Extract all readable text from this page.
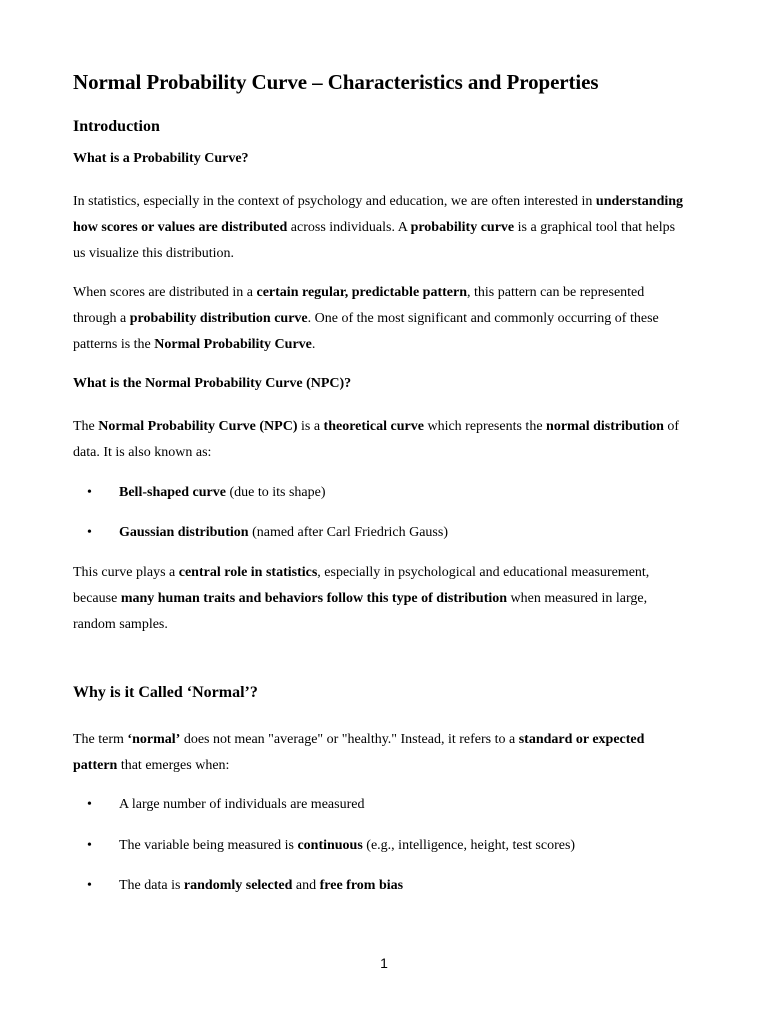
Normal Probability Curve – Characteristics and Properties
Introduction
What is a Probability Curve?

In statistics, especially in the context of psychology and education, we are often interested in understanding how scores or values are distributed across individuals. A probability curve is a graphical tool that helps us visualize this distribution.

When scores are distributed in a certain regular, predictable pattern, this pattern can be represented through a probability distribution curve. One of the most significant and commonly occurring of these patterns is the Normal Probability Curve.

What is the Normal Probability Curve (NPC)?

The Normal Probability Curve (NPC) is a theoretical curve which represents the normal distribution of data. It is also known as:

• Bell-shaped curve (due to its shape)
• Gaussian distribution (named after Carl Friedrich Gauss)

This curve plays a central role in statistics, especially in psychological and educational measurement, because many human traits and behaviors follow this type of distribution when measured in large, random samples.

Why is it Called ‘Normal’?

The term ‘normal’ does not mean "average" or "healthy." Instead, it refers to a standard or expected pattern that emerges when:

• A large number of individuals are measured
• The variable being measured is continuous (e.g., intelligence, height, test scores)
• The data is randomly selected and free from bias
1
